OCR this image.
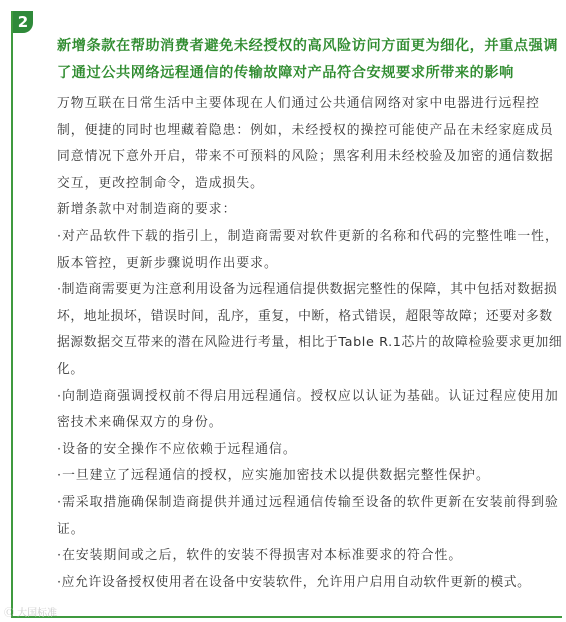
2

新增条款在帮助消费者避免未经授权的高风险访问方面更为细化，并重点强调了通过公共网络远程通信的传输故障对产品符合安规要求所带来的影响

万物互联在日常生活中主要体现在人们通过公共通信网络对家中电器进行远程控制，便捷的同时也埋藏着隐患：例如，未经授权的操控可能使产品在未经家庭成员同意情况下意外开启，带来不可预料的风险；黑客利用未经校验及加密的通信数据交互，更改控制命令，造成损失。

新增条款中对制造商的要求：

·对产品软件下载的指引上，制造商需要对软件更新的名称和代码的完整性唯一性，版本管控，更新步骤说明作出要求。

·制造商需要更为注意利用设备为远程通信提供数据完整性的保障，其中包括对数据损坏，地址损坏，错误时间，乱序，重复，中断，格式错误，超限等故障；还要对多数据源数据交互带来的潜在风险进行考量，相比于Table R.1芯片的故障检验要求更加细化。

·向制造商强调授权前不得启用远程通信。授权应以认证为基础。认证过程应使用加密技术来确保双方的身份。

·设备的安全操作不应依赖于远程通信。

·一旦建立了远程通信的授权，应实施加密技术以提供数据完整性保护。

·需采取措施确保制造商提供并通过远程通信传输至设备的软件更新在安装前得到验证。

·在安装期间或之后，软件的安装不得损害对本标准要求的符合性。

·应允许设备授权使用者在设备中安装软件，允许用户启用自动软件更新的模式。

Ⓒ 大国标准
